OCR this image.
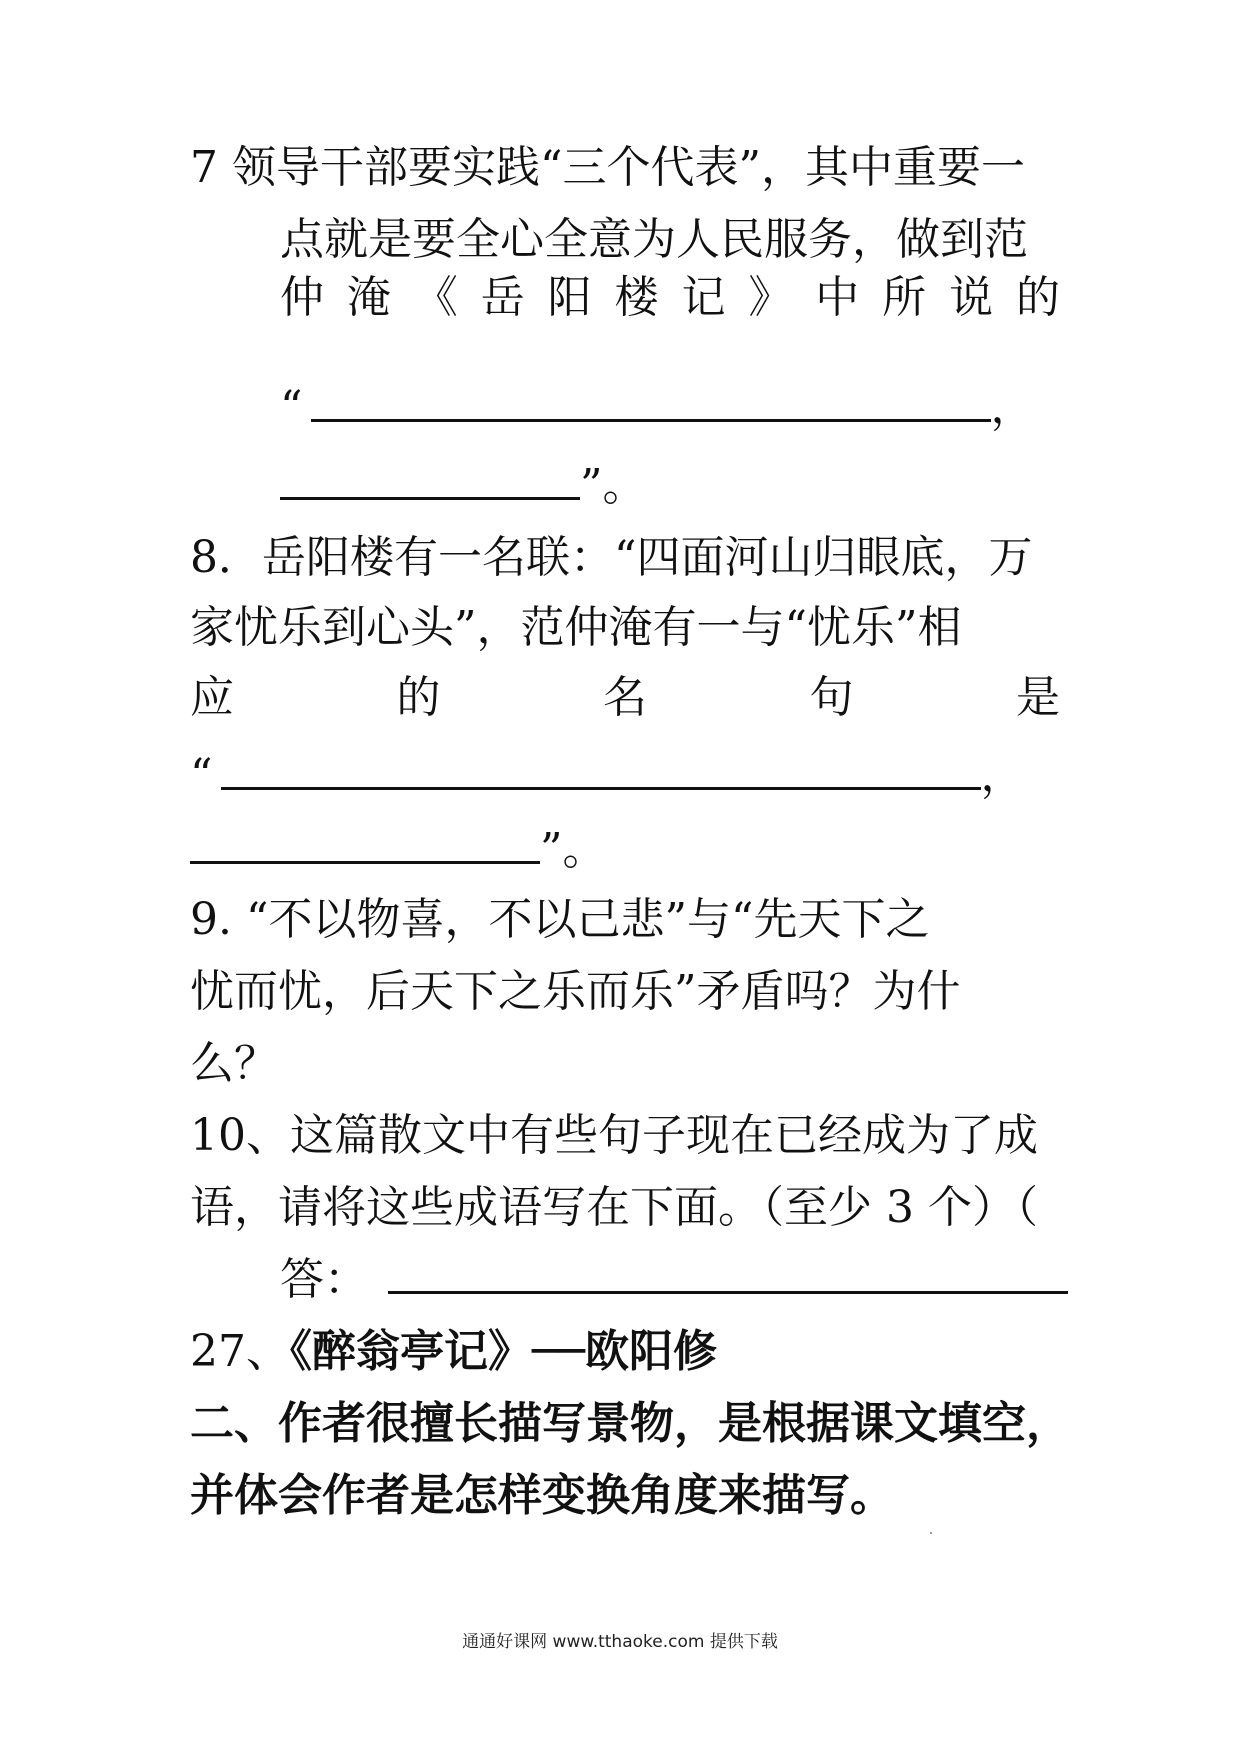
7 领导干部要实践“三个代表”，其中重要一
点就是要全心全意为人民服务，做到范
仲 淹 《 岳 阳 楼 记 》 中 所 说 的
“	，
”。
8．岳阳楼有一名联：“四面河山归眼底，万
家忧乐到心头”，范仲淹有一与“忧乐”相
应	的	名	句	是
“	，
”。
9. “不以物喜，不以己悲”与“先天下之
忧而忧，后天下之乐而乐”矛盾吗？为什
么？
10、这篇散文中有些句子现在已经成为了成
语，请将这些成语写在下面。（至少 3 个）（
答：
27、《醉翁亭记》──欧阳修
二、作者很擅长描写景物，是根据课文填空，
并体会作者是怎样变换角度来描写。
通通好课网 www.tthaoke.com 提供下载
